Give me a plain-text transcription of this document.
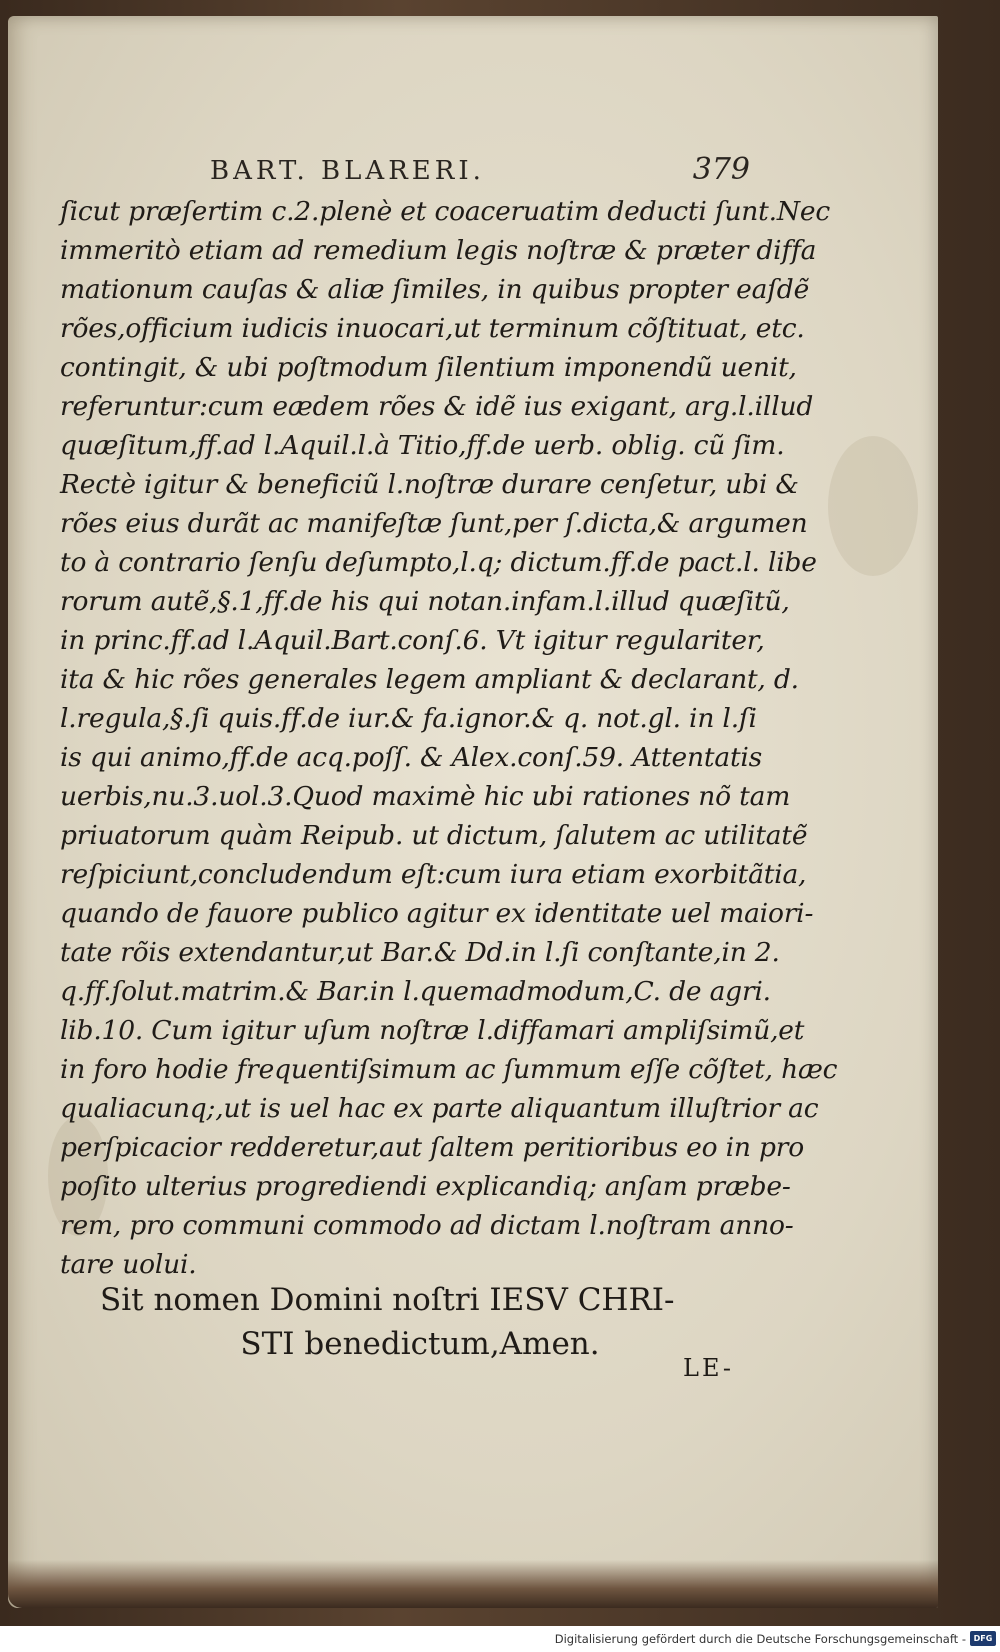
BART. BLARERI.	379
ſicut præſertim c.2.plenè et coaceruatim deducti ſunt.Nec
immeritò etiam ad remedium legis noſtræ & præter diffa
mationum cauſas & aliæ ſimiles, in quibus propter eaſdẽ
rões,officium iudicis inuocari,ut terminum cõſtituat, etc.
contingit, & ubi poſtmodum ſilentium imponendũ uenit,
referuntur:cum eædem rões & idẽ ius exigant, arg.l.illud
quæſitum,ff.ad l.Aquil.l.à Titio,ff.de uerb. oblig. cũ ſim.
Rectè igitur & beneficiũ l.noſtræ durare cenſetur, ubi &
rões eius durãt ac manifeſtæ ſunt,per ſ.dicta,& argumen
to à contrario ſenſu deſumpto,l.q; dictum.ff.de pact.l. libe
rorum autẽ,§.1,ff.de his qui notan.infam.l.illud quæſitũ,
in princ.ff.ad l.Aquil.Bart.conſ.6. Vt igitur regulariter,
ita & hic rões generales legem ampliant & declarant, d.
l.regula,§.ſi quis.ff.de iur.& fa.ignor.& q. not.gl. in l.ſi
is qui animo,ff.de acq.poſſ. & Alex.conſ.59. Attentatis
uerbis,nu.3.uol.3.Quod maximè hic ubi rationes nõ tam
priuatorum quàm Reipub. ut dictum, ſalutem ac utilitatẽ
reſpiciunt,concludendum eſt:cum iura etiam exorbitãtia,
quando de fauore publico agitur ex identitate uel maiori-
tate rõis extendantur,ut Bar.& Dd.in l.ſi conſtante,in 2.
q.ff.ſolut.matrim.& Bar.in l.quemadmodum,C. de agri.
lib.10. Cum igitur uſum noſtræ l.diffamari ampliſsimũ,et
in foro hodie frequentiſsimum ac ſummum eſſe cõſtet, hæc
qualiacunq;,ut is uel hac ex parte aliquantum illuſtrior ac
perſpicacior redderetur,aut ſaltem peritioribus eo in pro
poſito ulterius progrediendi explicandiq; anſam præbe-
rem, pro communi commodo ad dictam l.noſtram anno-
tare uolui.
Sit nomen Domini noſtri IESV CHRI-
STI benedictum,Amen.
LE-
Digitalisierung gefördert durch die Deutsche Forschungsgemeinschaft - DFG
